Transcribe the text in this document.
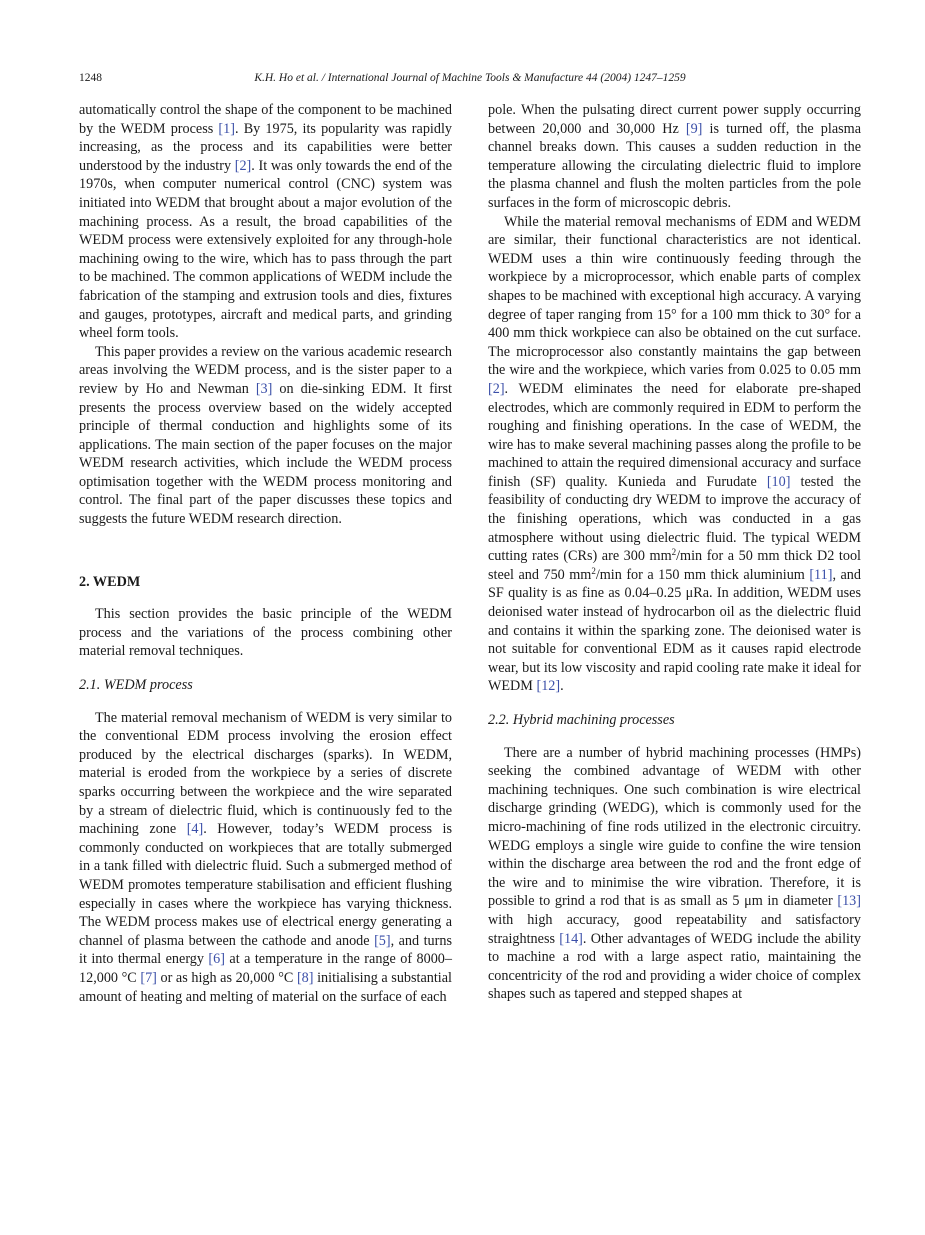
1248	K.H. Ho et al. / International Journal of Machine Tools & Manufacture 44 (2004) 1247–1259

automatically control the shape of the component to be machined by the WEDM process [1]. By 1975, its popularity was rapidly increasing, as the process and its capabilities were better understood by the industry [2]. It was only towards the end of the 1970s, when computer numerical control (CNC) system was initiated into WEDM that brought about a major evolution of the machining process. As a result, the broad capabilities of the WEDM process were extensively exploited for any through-hole machining owing to the wire, which has to pass through the part to be machined. The common applications of WEDM include the fabrication of the stamping and extrusion tools and dies, fixtures and gauges, prototypes, aircraft and medical parts, and grinding wheel form tools.

This paper provides a review on the various academic research areas involving the WEDM process, and is the sister paper to a review by Ho and Newman [3] on die-sinking EDM. It first presents the process overview based on the widely accepted principle of thermal conduction and highlights some of its applications. The main section of the paper focuses on the major WEDM research activities, which include the WEDM process optimisation together with the WEDM process monitoring and control. The final part of the paper discusses these topics and suggests the future WEDM research direction.

2. WEDM

This section provides the basic principle of the WEDM process and the variations of the process combining other material removal techniques.

2.1. WEDM process

The material removal mechanism of WEDM is very similar to the conventional EDM process involving the erosion effect produced by the electrical discharges (sparks). In WEDM, material is eroded from the workpiece by a series of discrete sparks occurring between the workpiece and the wire separated by a stream of dielectric fluid, which is continuously fed to the machining zone [4]. However, today’s WEDM process is commonly conducted on workpieces that are totally submerged in a tank filled with dielectric fluid. Such a submerged method of WEDM promotes temperature stabilisation and efficient flushing especially in cases where the workpiece has varying thickness. The WEDM process makes use of electrical energy generating a channel of plasma between the cathode and anode [5], and turns it into thermal energy [6] at a temperature in the range of 8000–12,000 °C [7] or as high as 20,000 °C [8] initialising a substantial amount of heating and melting of material on the surface of each

pole. When the pulsating direct current power supply occurring between 20,000 and 30,000 Hz [9] is turned off, the plasma channel breaks down. This causes a sudden reduction in the temperature allowing the circulating dielectric fluid to implore the plasma channel and flush the molten particles from the pole surfaces in the form of microscopic debris.

While the material removal mechanisms of EDM and WEDM are similar, their functional characteristics are not identical. WEDM uses a thin wire continuously feeding through the workpiece by a microprocessor, which enable parts of complex shapes to be machined with exceptional high accuracy. A varying degree of taper ranging from 15° for a 100 mm thick to 30° for a 400 mm thick workpiece can also be obtained on the cut surface. The microprocessor also constantly maintains the gap between the wire and the workpiece, which varies from 0.025 to 0.05 mm [2]. WEDM eliminates the need for elaborate pre-shaped electrodes, which are commonly required in EDM to perform the roughing and finishing operations. In the case of WEDM, the wire has to make several machining passes along the profile to be machined to attain the required dimensional accuracy and surface finish (SF) quality. Kunieda and Furudate [10] tested the feasibility of conducting dry WEDM to improve the accuracy of the finishing operations, which was conducted in a gas atmosphere without using dielectric fluid. The typical WEDM cutting rates (CRs) are 300 $mm^2/\min$ for a 50 mm thick D2 tool steel and 750 $mm^2/\min$ for a 150 mm thick aluminium [11], and SF quality is as fine as 0.04–0.25 μRa. In addition, WEDM uses deionised water instead of hydrocarbon oil as the dielectric fluid and contains it within the sparking zone. The deionised water is not suitable for conventional EDM as it causes rapid electrode wear, but its low viscosity and rapid cooling rate make it ideal for WEDM [12].

2.2. Hybrid machining processes

There are a number of hybrid machining processes (HMPs) seeking the combined advantage of WEDM with other machining techniques. One such combination is wire electrical discharge grinding (WEDG), which is commonly used for the micro-machining of fine rods utilized in the electronic circuitry. WEDG employs a single wire guide to confine the wire tension within the discharge area between the rod and the front edge of the wire and to minimise the wire vibration. Therefore, it is possible to grind a rod that is as small as 5 μm in diameter [13] with high accuracy, good repeatability and satisfactory straightness [14]. Other advantages of WEDG include the ability to machine a rod with a large aspect ratio, maintaining the concentricity of the rod and providing a wider choice of complex shapes such as tapered and stepped shapes at
